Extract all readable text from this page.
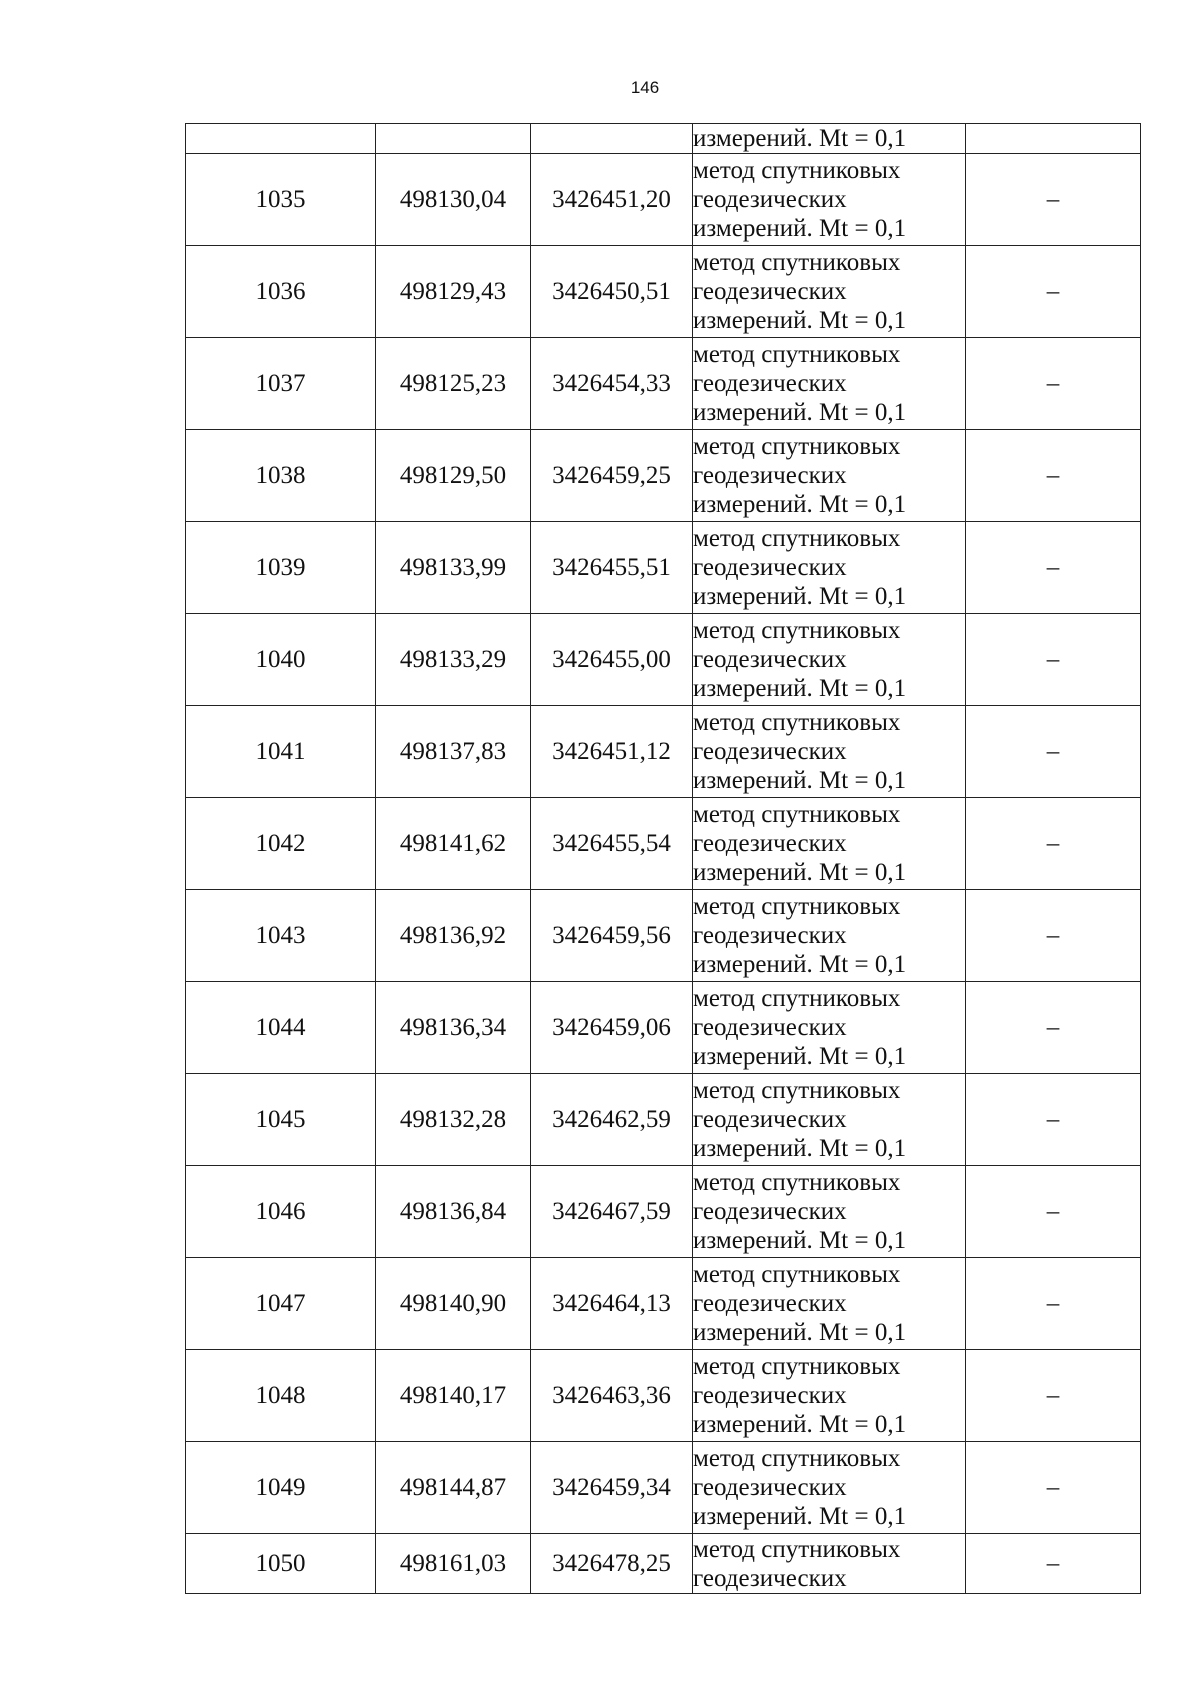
146

			измерений. Mt = 0,1	

1035	498130,04	3426451,20	метод спутниковых
геодезических
измерений. Mt = 0,1	–
1036	498129,43	3426450,51	метод спутниковых
геодезических
измерений. Mt = 0,1	–
1037	498125,23	3426454,33	метод спутниковых
геодезических
измерений. Mt = 0,1	–
1038	498129,50	3426459,25	метод спутниковых
геодезических
измерений. Mt = 0,1	–
1039	498133,99	3426455,51	метод спутниковых
геодезических
измерений. Mt = 0,1	–
1040	498133,29	3426455,00	метод спутниковых
геодезических
измерений. Mt = 0,1	–
1041	498137,83	3426451,12	метод спутниковых
геодезических
измерений. Mt = 0,1	–
1042	498141,62	3426455,54	метод спутниковых
геодезических
измерений. Mt = 0,1	–
1043	498136,92	3426459,56	метод спутниковых
геодезических
измерений. Mt = 0,1	–
1044	498136,34	3426459,06	метод спутниковых
геодезических
измерений. Mt = 0,1	–
1045	498132,28	3426462,59	метод спутниковых
геодезических
измерений. Mt = 0,1	–
1046	498136,84	3426467,59	метод спутниковых
геодезических
измерений. Mt = 0,1	–
1047	498140,90	3426464,13	метод спутниковых
геодезических
измерений. Mt = 0,1	–
1048	498140,17	3426463,36	метод спутниковых
геодезических
измерений. Mt = 0,1	–
1049	498144,87	3426459,34	метод спутниковых
геодезических
измерений. Mt = 0,1	–
1050	498161,03	3426478,25	метод спутниковых
геодезических	–
